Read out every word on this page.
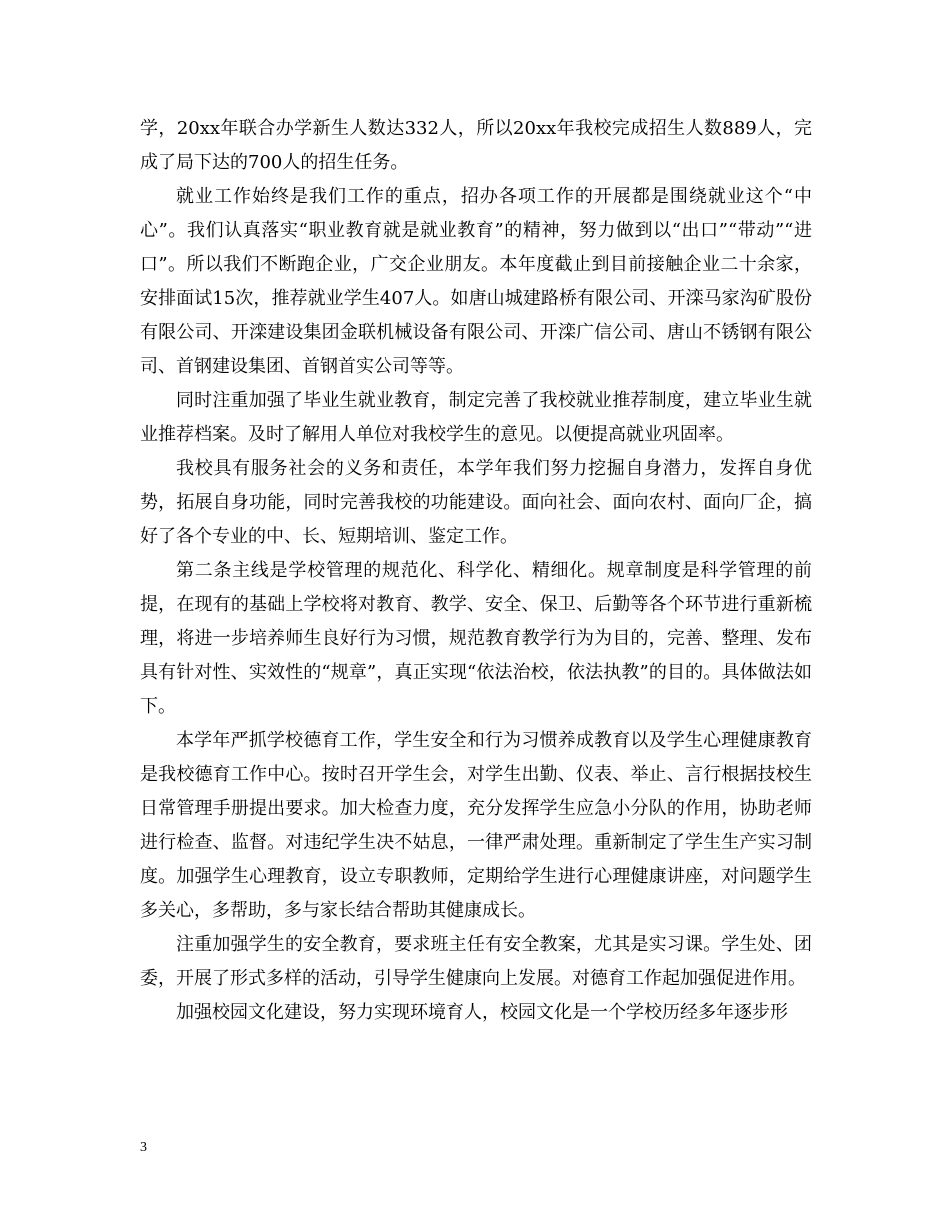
学，20xx年联合办学新生人数达332人，所以20xx年我校完成招生人数889人，完成了局下达的700人的招生任务。

就业工作始终是我们工作的重点，招办各项工作的开展都是围绕就业这个“中心”。我们认真落实“职业教育就是就业教育”的精神，努力做到以“出口”“带动”“进口”。所以我们不断跑企业，广交企业朋友。本年度截止到目前接触企业二十余家，安排面试15次，推荐就业学生407人。如唐山城建路桥有限公司、开滦马家沟矿股份有限公司、开滦建设集团金联机械设备有限公司、开滦广信公司、唐山不锈钢有限公司、首钢建设集团、首钢首实公司等等。

同时注重加强了毕业生就业教育，制定完善了我校就业推荐制度，建立毕业生就业推荐档案。及时了解用人单位对我校学生的意见。以便提高就业巩固率。

我校具有服务社会的义务和责任，本学年我们努力挖掘自身潜力，发挥自身优势，拓展自身功能，同时完善我校的功能建设。面向社会、面向农村、面向厂企，搞好了各个专业的中、长、短期培训、鉴定工作。

第二条主线是学校管理的规范化、科学化、精细化。规章制度是科学管理的前提，在现有的基础上学校将对教育、教学、安全、保卫、后勤等各个环节进行重新梳理，将进一步培养师生良好行为习惯，规范教育教学行为为目的，完善、整理、发布具有针对性、实效性的“规章”，真正实现“依法治校，依法执教”的目的。具体做法如下。

本学年严抓学校德育工作，学生安全和行为习惯养成教育以及学生心理健康教育是我校德育工作中心。按时召开学生会，对学生出勤、仪表、举止、言行根据技校生日常管理手册提出要求。加大检查力度，充分发挥学生应急小分队的作用，协助老师进行检查、监督。对违纪学生决不姑息，一律严肃处理。重新制定了学生生产实习制度。加强学生心理教育，设立专职教师，定期给学生进行心理健康讲座，对问题学生多关心，多帮助，多与家长结合帮助其健康成长。

注重加强学生的安全教育，要求班主任有安全教案，尤其是实习课。学生处、团委，开展了形式多样的活动，引导学生健康向上发展。对德育工作起加强促进作用。

加强校园文化建设，努力实现环境育人，校园文化是一个学校历经多年逐步形

3
